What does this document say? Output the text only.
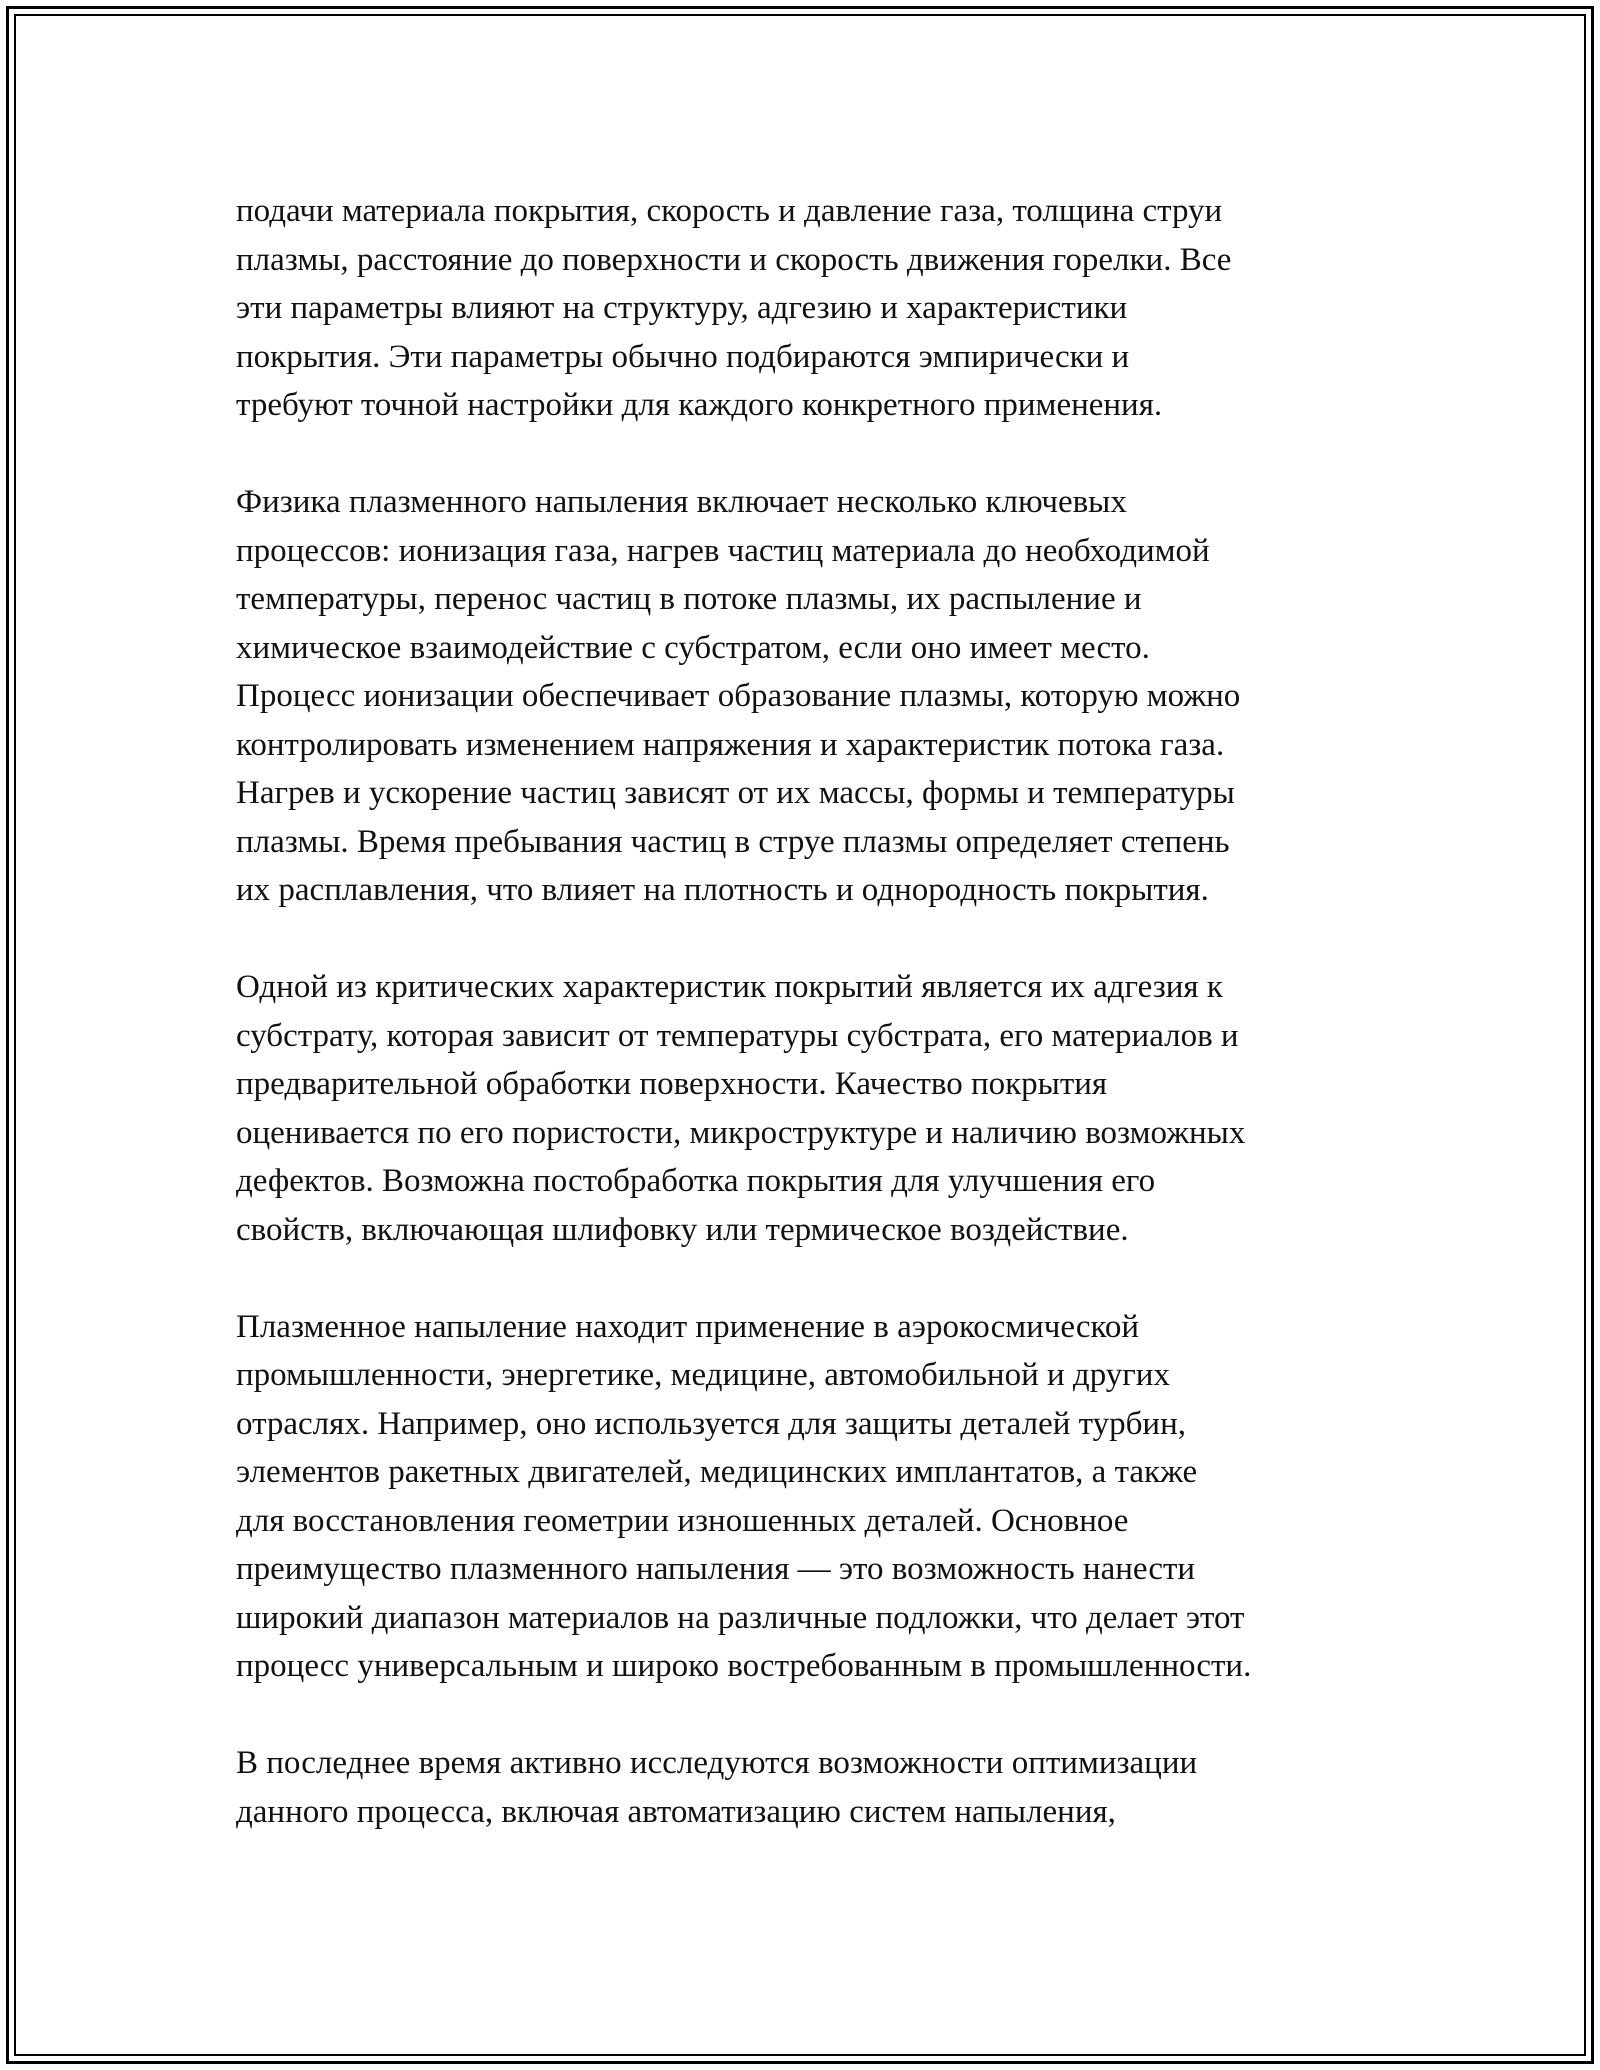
подачи материала покрытия, скорость и давление газа, толщина струи
плазмы, расстояние до поверхности и скорость движения горелки. Все
эти параметры влияют на структуру, адгезию и характеристики
покрытия. Эти параметры обычно подбираются эмпирически и
требуют точной настройки для каждого конкретного применения.

Физика плазменного напыления включает несколько ключевых
процессов: ионизация газа, нагрев частиц материала до необходимой
температуры, перенос частиц в потоке плазмы, их распыление и
химическое взаимодействие с субстратом, если оно имеет место.
Процесс ионизации обеспечивает образование плазмы, которую можно
контролировать изменением напряжения и характеристик потока газа.
Нагрев и ускорение частиц зависят от их массы, формы и температуры
плазмы. Время пребывания частиц в струе плазмы определяет степень
их расплавления, что влияет на плотность и однородность покрытия.

Одной из критических характеристик покрытий является их адгезия к
субстрату, которая зависит от температуры субстрата, его материалов и
предварительной обработки поверхности. Качество покрытия
оценивается по его пористости, микроструктуре и наличию возможных
дефектов. Возможна постобработка покрытия для улучшения его
свойств, включающая шлифовку или термическое воздействие.

Плазменное напыление находит применение в аэрокосмической
промышленности, энергетике, медицине, автомобильной и других
отраслях. Например, оно используется для защиты деталей турбин,
элементов ракетных двигателей, медицинских имплантатов, а также
для восстановления геометрии изношенных деталей. Основное
преимущество плазменного напыления — это возможность нанести
широкий диапазон материалов на различные подложки, что делает этот
процесс универсальным и широко востребованным в промышленности.

В последнее время активно исследуются возможности оптимизации
данного процесса, включая автоматизацию систем напыления,
